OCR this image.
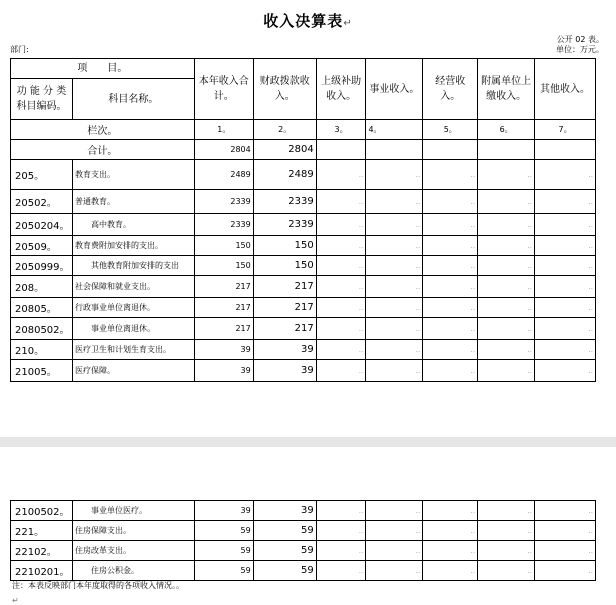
收入决算表↵
公开 02 表。
部门:	单位：万元。
项　　目。		本年收入合计。	财政拨款收入。	上级补助收入。	事业收入。	经营收入。	附属单位上缴收入。	其他收入。
功 能 分 类科目编码。	科目名称。							
栏次。		1。	2。	3。	4。	5。	6。	7。
合计。		2804	2804					
205。	教育支出。	2489	2489	‥	‥	‥	‥	‥
20502。	普通教育。	2339	2339	‥	‥	‥	‥	‥
2050204。	高中教育。	2339	2339	‥	‥	‥	‥	‥
20509。	教育费附加安排的支出。	150	150	‥	‥	‥	‥	‥
2050999。	其他教育附加安排的支出	150	150	‥	‥	‥	‥	‥
208。	社会保障和就业支出。	217	217	‥	‥	‥	‥	‥
20805。	行政事业单位离退休。	217	217	‥	‥	‥	‥	‥
2080502。	事业单位离退休。	217	217	‥	‥	‥	‥	‥
210。	医疗卫生和计划生育支出。	39	39	‥	‥	‥	‥	‥
21005。	医疗保障。	39	39	‥	‥	‥	‥	‥
2100502。	事业单位医疗。	39	39	‥	‥	‥	‥	‥
221。	住房保障支出。	59	59	‥	‥	‥	‥	‥
22102。	住房改革支出。	59	59	‥	‥	‥	‥	‥
2210201。	住房公积金。	59	59	‥	‥	‥	‥	‥
注：本表反映部门本年度取得的各项收入情况。。
↵
